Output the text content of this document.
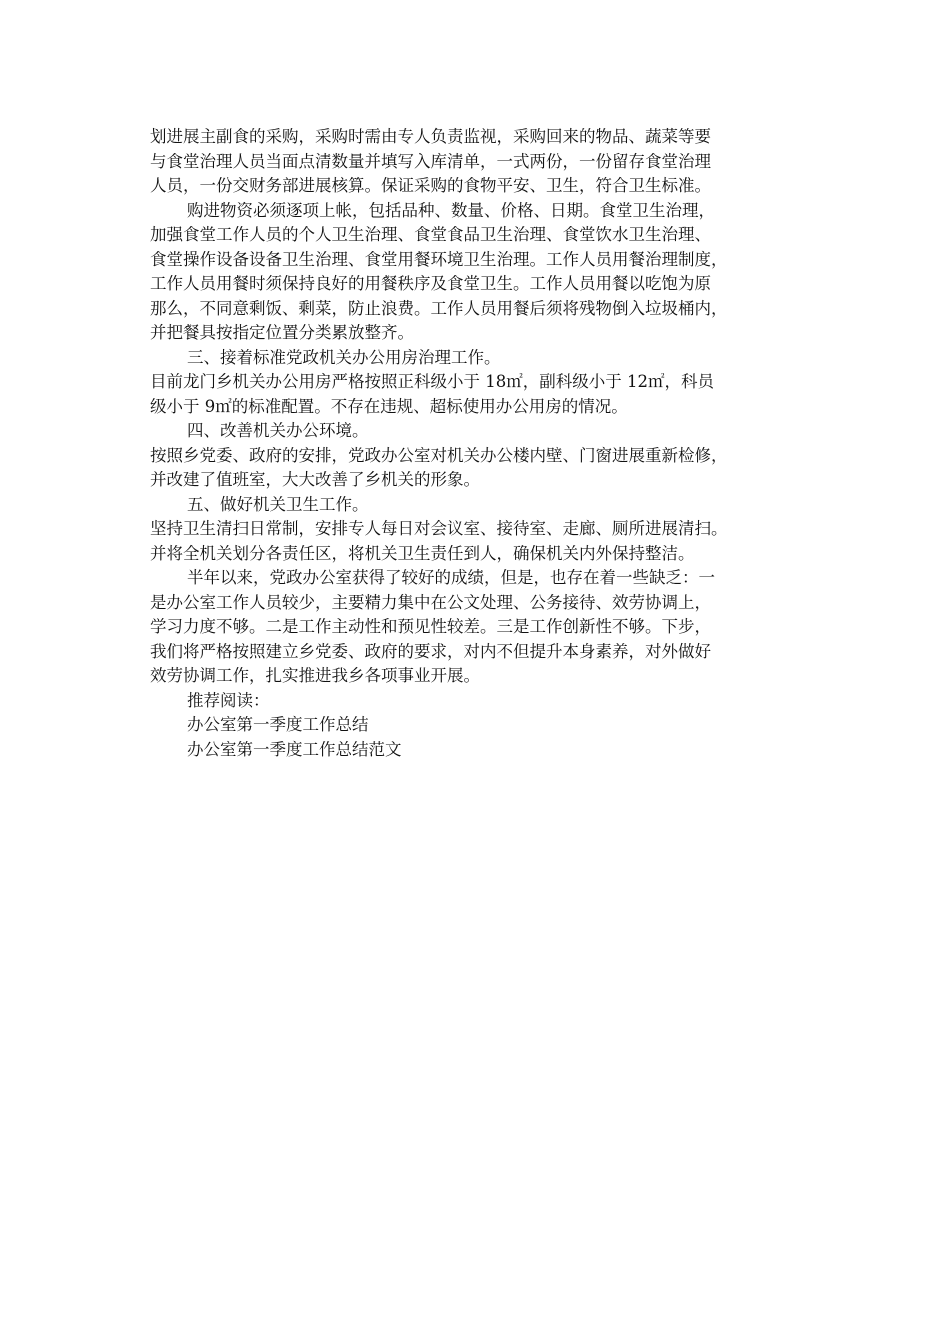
划进展主副食的采购，采购时需由专人负责监视，采购回来的物品、蔬菜等要
与食堂治理人员当面点清数量并填写入库清单，一式两份，一份留存食堂治理
人员，一份交财务部进展核算。保证采购的食物平安、卫生，符合卫生标准。
购进物资必须逐项上帐，包括品种、数量、价格、日期。食堂卫生治理，
加强食堂工作人员的个人卫生治理、食堂食品卫生治理、食堂饮水卫生治理、
食堂操作设备设备卫生治理、食堂用餐环境卫生治理。工作人员用餐治理制度，
工作人员用餐时须保持良好的用餐秩序及食堂卫生。工作人员用餐以吃饱为原
那么，不同意剩饭、剩菜，防止浪费。工作人员用餐后须将残物倒入垃圾桶内，
并把餐具按指定位置分类累放整齐。
三、接着标准党政机关办公用房治理工作。
目前龙门乡机关办公用房严格按照正科级小于 18㎡，副科级小于 12㎡，科员
级小于 9㎡的标准配置。不存在违规、超标使用办公用房的情况。
四、改善机关办公环境。
按照乡党委、政府的安排，党政办公室对机关办公楼内壁、门窗进展重新检修，
并改建了值班室，大大改善了乡机关的形象。
五、做好机关卫生工作。
坚持卫生清扫日常制，安排专人每日对会议室、接待室、走廊、厕所进展清扫。
并将全机关划分各责任区，将机关卫生责任到人，确保机关内外保持整洁。
半年以来，党政办公室获得了较好的成绩，但是，也存在着一些缺乏：一
是办公室工作人员较少，主要精力集中在公文处理、公务接待、效劳协调上，
学习力度不够。二是工作主动性和预见性较差。三是工作创新性不够。下步，
我们将严格按照建立乡党委、政府的要求，对内不但提升本身素养，对外做好
效劳协调工作，扎实推进我乡各项事业开展。
推荐阅读：
办公室第一季度工作总结
办公室第一季度工作总结范文
